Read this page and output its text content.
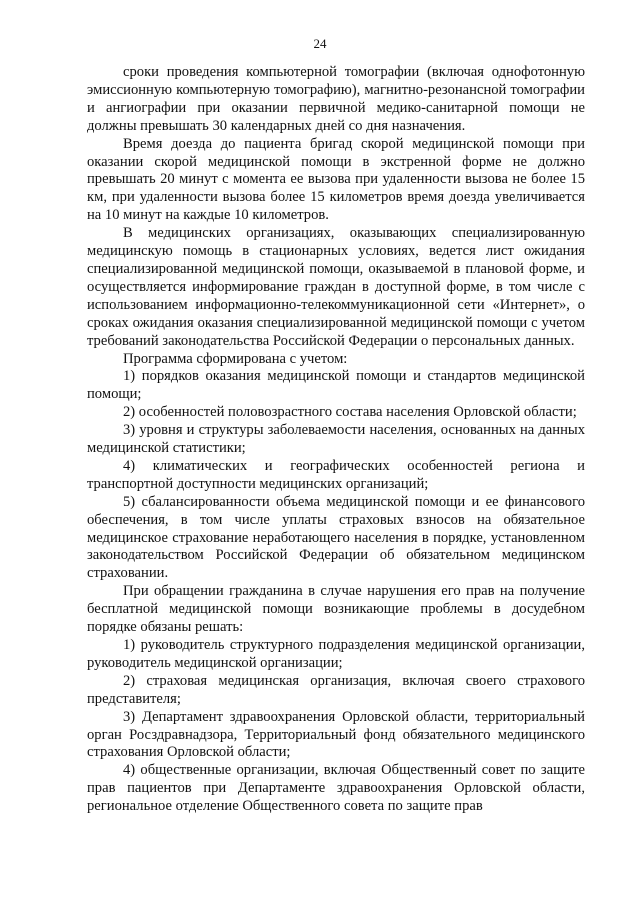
24

сроки проведения компьютерной томографии (включая однофотонную эмиссионную компьютерную томографию), магнитно-резонансной томографии и ангиографии при оказании первичной медико-санитарной помощи не должны превышать 30 календарных дней со дня назначения.

Время доезда до пациента бригад скорой медицинской помощи при оказании скорой медицинской помощи в экстренной форме не должно превышать 20 минут с момента ее вызова при удаленности вызова не более 15 км, при удаленности вызова более 15 километров время доезда увеличивается на 10 минут на каждые 10 километров.

В медицинских организациях, оказывающих специализированную медицинскую помощь в стационарных условиях, ведется лист ожидания специализированной медицинской помощи, оказываемой в плановой форме, и осуществляется информирование граждан в доступной форме, в том числе с использованием информационно-телекоммуникационной сети «Интернет», о сроках ожидания оказания специализированной медицинской помощи с учетом требований законодательства Российской Федерации о персональных данных.

Программа сформирована с учетом:

1) порядков оказания медицинской помощи и стандартов медицинской помощи;

2) особенностей половозрастного состава населения Орловской области;

3) уровня и структуры заболеваемости населения, основанных на данных медицинской статистики;

4) климатических и географических особенностей региона и транспортной доступности медицинских организаций;

5) сбалансированности объема медицинской помощи и ее финансового обеспечения, в том числе уплаты страховых взносов на обязательное медицинское страхование неработающего населения в порядке, установленном законодательством Российской Федерации об обязательном медицинском страховании.

При обращении гражданина в случае нарушения его прав на получение бесплатной медицинской помощи возникающие проблемы в досудебном порядке обязаны решать:

1) руководитель структурного подразделения медицинской организации, руководитель медицинской организации;

2) страховая медицинская организация, включая своего страхового представителя;

3) Департамент здравоохранения Орловской области, территориальный орган Росздравнадзора, Территориальный фонд обязательного медицинского страхования Орловской области;

4) общественные организации, включая Общественный совет по защите прав пациентов при Департаменте здравоохранения Орловской области, региональное отделение Общественного совета по защите прав
